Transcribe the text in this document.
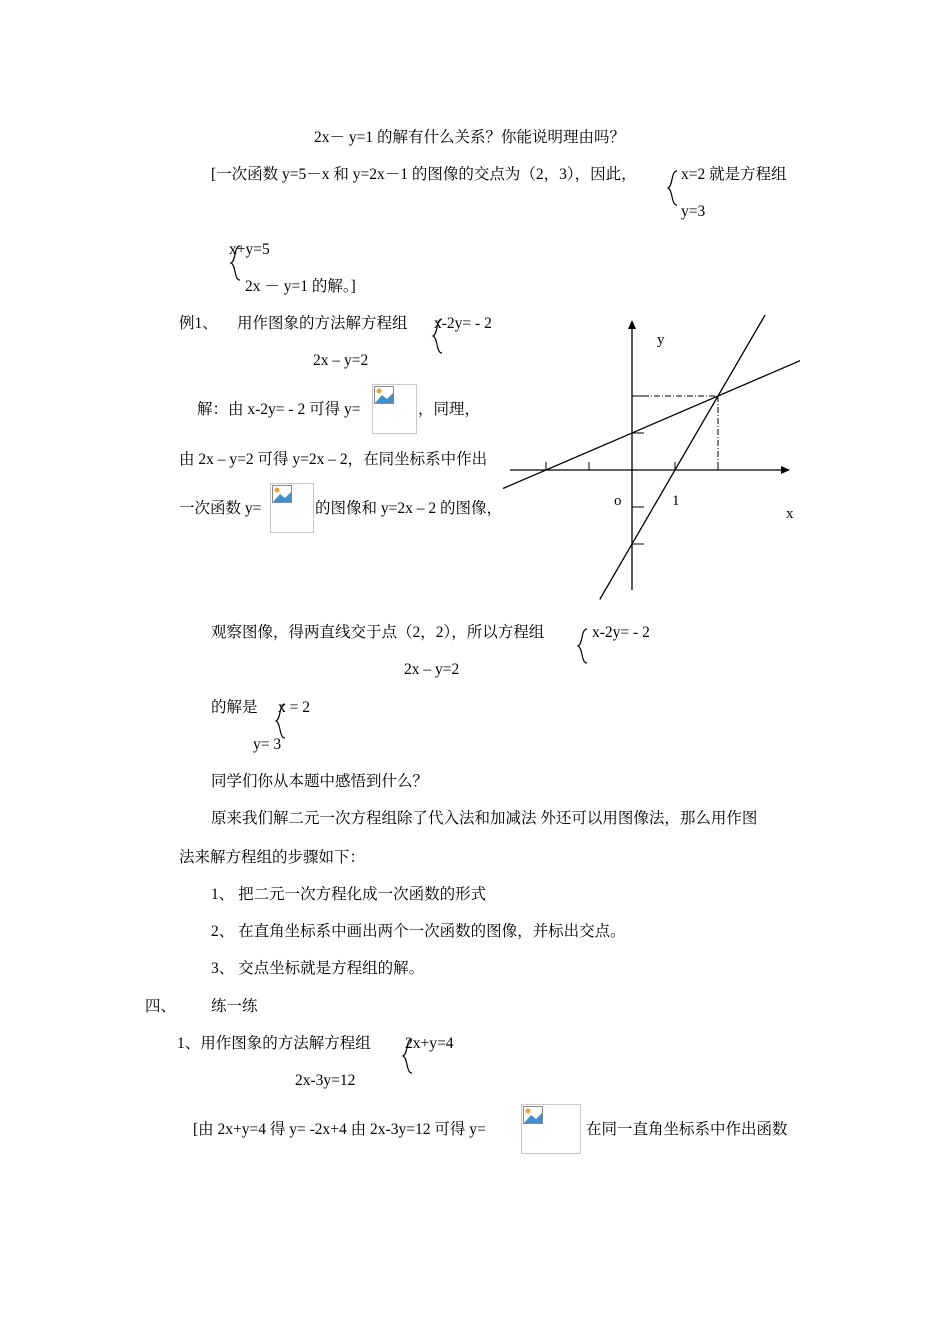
2x－ y=1 的解有什么关系？你能说明理由吗？
[一次函数 y=5－x 和 y=2x－1 的图像的交点为（2，3），因此，	x=2 就是方程组
y=3
x+y=5
2x － y=1 的解。]
例1、 用作图象的方法解方程组 x-2y= - 2
2x – y=2
解：由 x-2y= - 2 可得 y=	，同理，
由 2x – y=2 可得 y=2x – 2，在同坐标系中作出
一次函数 y=	的图像和 y=2x – 2 的图像，
y
x
o	1
观察图像，得两直线交于点（2，2），所以方程组	x-2y= - 2
2x – y=2
的解是 x = 2
y= 3
同学们你从本题中感悟到什么？
原来我们解二元一次方程组除了代入法和加减法 外还可以用图像法，那么用作图
法来解方程组的步骤如下：
1、 把二元一次方程化成一次函数的形式
2、 在直角坐标系中画出两个一次函数的图像，并标出交点。
3、 交点坐标就是方程组的解。
四、 练一练
1、用作图象的方法解方程组 2x+y=4
2x-3y=12
[由 2x+y=4 得 y= -2x+4 由 2x-3y=12 可得 y=	在同一直角坐标系中作出函数
